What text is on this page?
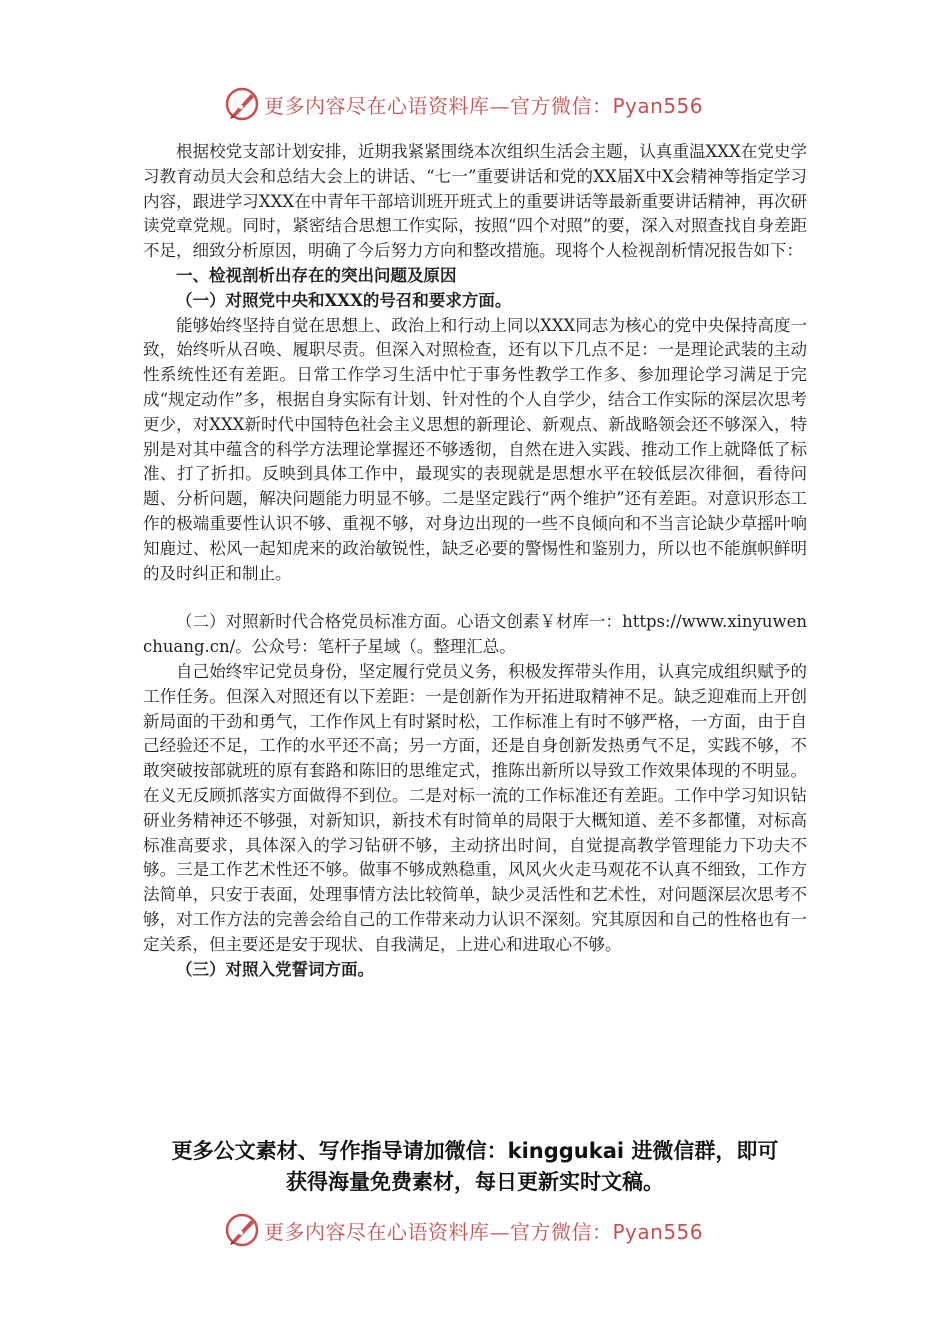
更多内容尽在心语资料库—官方微信：Pyan556

根据校党支部计划安排，近期我紧紧围绕本次组织生活会主题，认真重温XXX在党史学习教育动员大会和总结大会上的讲话、“七一”重要讲话和党的XX届X中X会精神等指定学习内容，跟进学习XXX在中青年干部培训班开班式上的重要讲话等最新重要讲话精神，再次研读党章党规。同时，紧密结合思想工作实际，按照“四个对照”的要，深入对照查找自身差距不足，细致分析原因，明确了今后努力方向和整改措施。现将个人检视剖析情况报告如下：

一、检视剖析出存在的突出问题及原因

（一）对照党中央和XXX的号召和要求方面。

能够始终坚持自觉在思想上、政治上和行动上同以XXX同志为核心的党中央保持高度一致，始终听从召唤、履职尽责。但深入对照检查，还有以下几点不足：一是理论武装的主动性系统性还有差距。日常工作学习生活中忙于事务性教学工作多、参加理论学习满足于完成“规定动作”多，根据自身实际有计划、针对性的个人自学少，结合工作实际的深层次思考更少，对XXX新时代中国特色社会主义思想的新理论、新观点、新战略领会还不够深入，特别是对其中蕴含的科学方法理论掌握还不够透彻，自然在进入实践、推动工作上就降低了标准、打了折扣。反映到具体工作中，最现实的表现就是思想水平在较低层次徘徊，看待问题、分析问题，解决问题能力明显不够。二是坚定践行“两个维护”还有差距。对意识形态工作的极端重要性认识不够、重视不够，对身边出现的一些不良倾向和不当言论缺少草摇叶响知鹿过、松风一起知虎来的政治敏锐性，缺乏必要的警惕性和鉴别力，所以也不能旗帜鲜明的及时纠正和制止。

（二）对照新时代合格党员标准方面。心语文创素￥材库一：https://www.xinyuwenchuang.cn/。公众号：笔杆子星域（。整理汇总。

自己始终牢记党员身份，坚定履行党员义务，积极发挥带头作用，认真完成组织赋予的工作任务。但深入对照还有以下差距：一是创新作为开拓进取精神不足。缺乏迎难而上开创新局面的干劲和勇气，工作作风上有时紧时松，工作标准上有时不够严格，一方面，由于自己经验还不足，工作的水平还不高；另一方面，还是自身创新发热勇气不足，实践不够，不敢突破按部就班的原有套路和陈旧的思维定式，推陈出新所以导致工作效果体现的不明显。在义无反顾抓落实方面做得不到位。二是对标一流的工作标准还有差距。工作中学习知识钻研业务精神还不够强，对新知识，新技术有时简单的局限于大概知道、差不多都懂，对标高标准高要求，具体深入的学习钻研不够，主动挤出时间，自觉提高教学管理能力下功夫不够。三是工作艺术性还不够。做事不够成熟稳重，风风火火走马观花不认真不细致，工作方法简单，只安于表面，处理事情方法比较简单，缺少灵活性和艺术性，对问题深层次思考不够，对工作方法的完善会给自己的工作带来动力认识不深刻。究其原因和自己的性格也有一定关系，但主要还是安于现状、自我满足，上进心和进取心不够。

（三）对照入党誓词方面。

更多公文素材、写作指导请加微信：kinggukai 进微信群，即可
获得海量免费素材，每日更新实时文稿。
更多内容尽在心语资料库—官方微信：Pyan556
